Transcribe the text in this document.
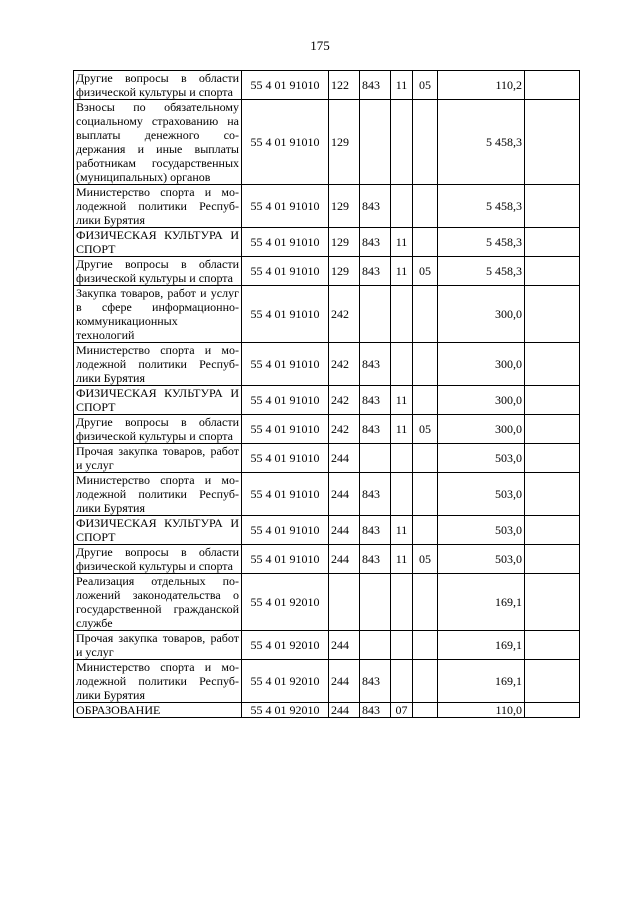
175
Другие вопросы в области физической культуры и спорта	55 4 01 91010	122	843	11	05	110,2	
Взносы по обязательному социальному страхованию на выплаты денежного содержания и иные выплаты работникам государственных (муниципальных) органов	55 4 01 91010	129				5 458,3	
Министерство спорта и молодежной политики Республики Бурятия	55 4 01 91010	129	843			5 458,3	
ФИЗИЧЕСКАЯ КУЛЬТУРА И СПОРТ	55 4 01 91010	129	843	11		5 458,3	
Другие вопросы в области физической культуры и спорта	55 4 01 91010	129	843	11	05	5 458,3	
Закупка товаров, работ и услуг в сфере информационно-коммуникационных технологий	55 4 01 91010	242				300,0	
Министерство спорта и молодежной политики Республики Бурятия	55 4 01 91010	242	843			300,0	
ФИЗИЧЕСКАЯ КУЛЬТУРА И СПОРТ	55 4 01 91010	242	843	11		300,0	
Другие вопросы в области физической культуры и спорта	55 4 01 91010	242	843	11	05	300,0	
Прочая закупка товаров, работ и услуг	55 4 01 91010	244				503,0	
Министерство спорта и молодежной политики Республики Бурятия	55 4 01 91010	244	843			503,0	
ФИЗИЧЕСКАЯ КУЛЬТУРА И СПОРТ	55 4 01 91010	244	843	11		503,0	
Другие вопросы в области физической культуры и спорта	55 4 01 91010	244	843	11	05	503,0	
Реализация отдельных положений законодательства о государственной гражданской службе	55 4 01 92010					169,1	
Прочая закупка товаров, работ и услуг	55 4 01 92010	244				169,1	
Министерство спорта и молодежной политики Республики Бурятия	55 4 01 92010	244	843			169,1	
ОБРАЗОВАНИЕ	55 4 01 92010	244	843	07		110,0	
